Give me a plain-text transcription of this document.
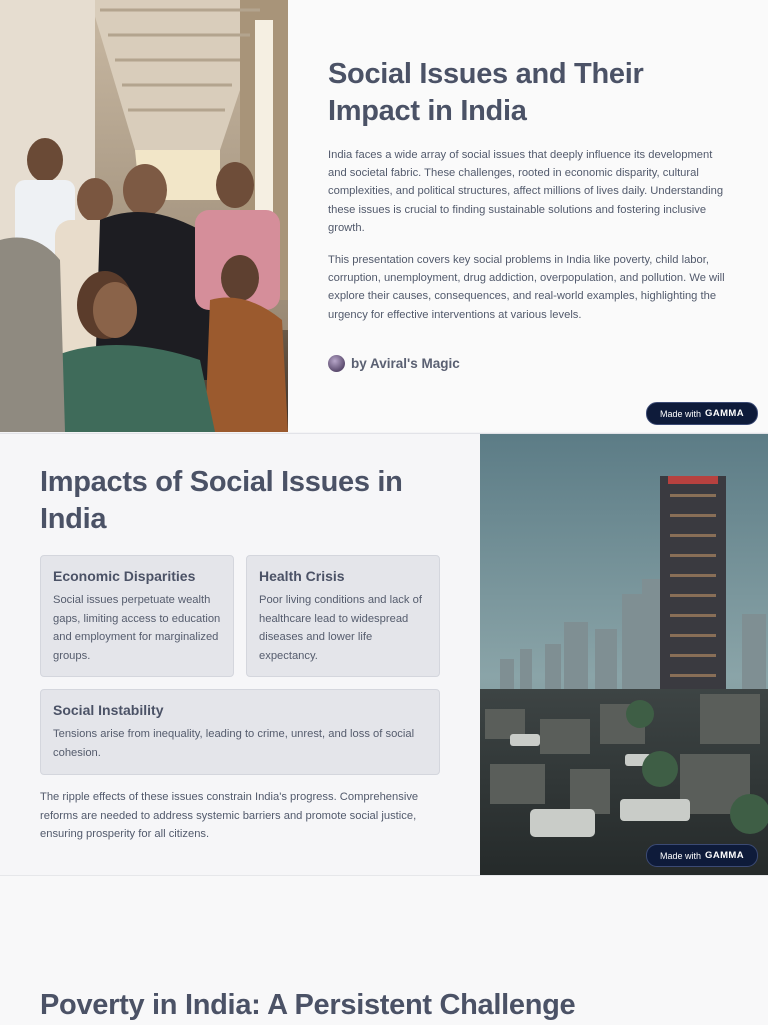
Social Issues and Their Impact in India

India faces a wide array of social issues that deeply influence its development and societal fabric. These challenges, rooted in economic disparity, cultural complexities, and political structures, affect millions of lives daily. Understanding these issues is crucial to finding sustainable solutions and fostering inclusive growth.

This presentation covers key social problems in India like poverty, child labor, corruption, unemployment, drug addiction, overpopulation, and pollution. We will explore their causes, consequences, and real-world examples, highlighting the urgency for effective interventions at various levels.

by Aviral's Magic
Made with GAMMA
Impacts of Social Issues in India
Economic Disparities

Social issues perpetuate wealth gaps, limiting access to education and employment for marginalized groups.

Health Crisis

Poor living conditions and lack of healthcare lead to widespread diseases and lower life expectancy.

Social Instability

Tensions arise from inequality, leading to crime, unrest, and loss of social cohesion.

The ripple effects of these issues constrain India's progress. Comprehensive reforms are needed to address systemic barriers and promote social justice, ensuring prosperity for all citizens.

Made with GAMMA
Poverty in India: A Persistent Challenge
